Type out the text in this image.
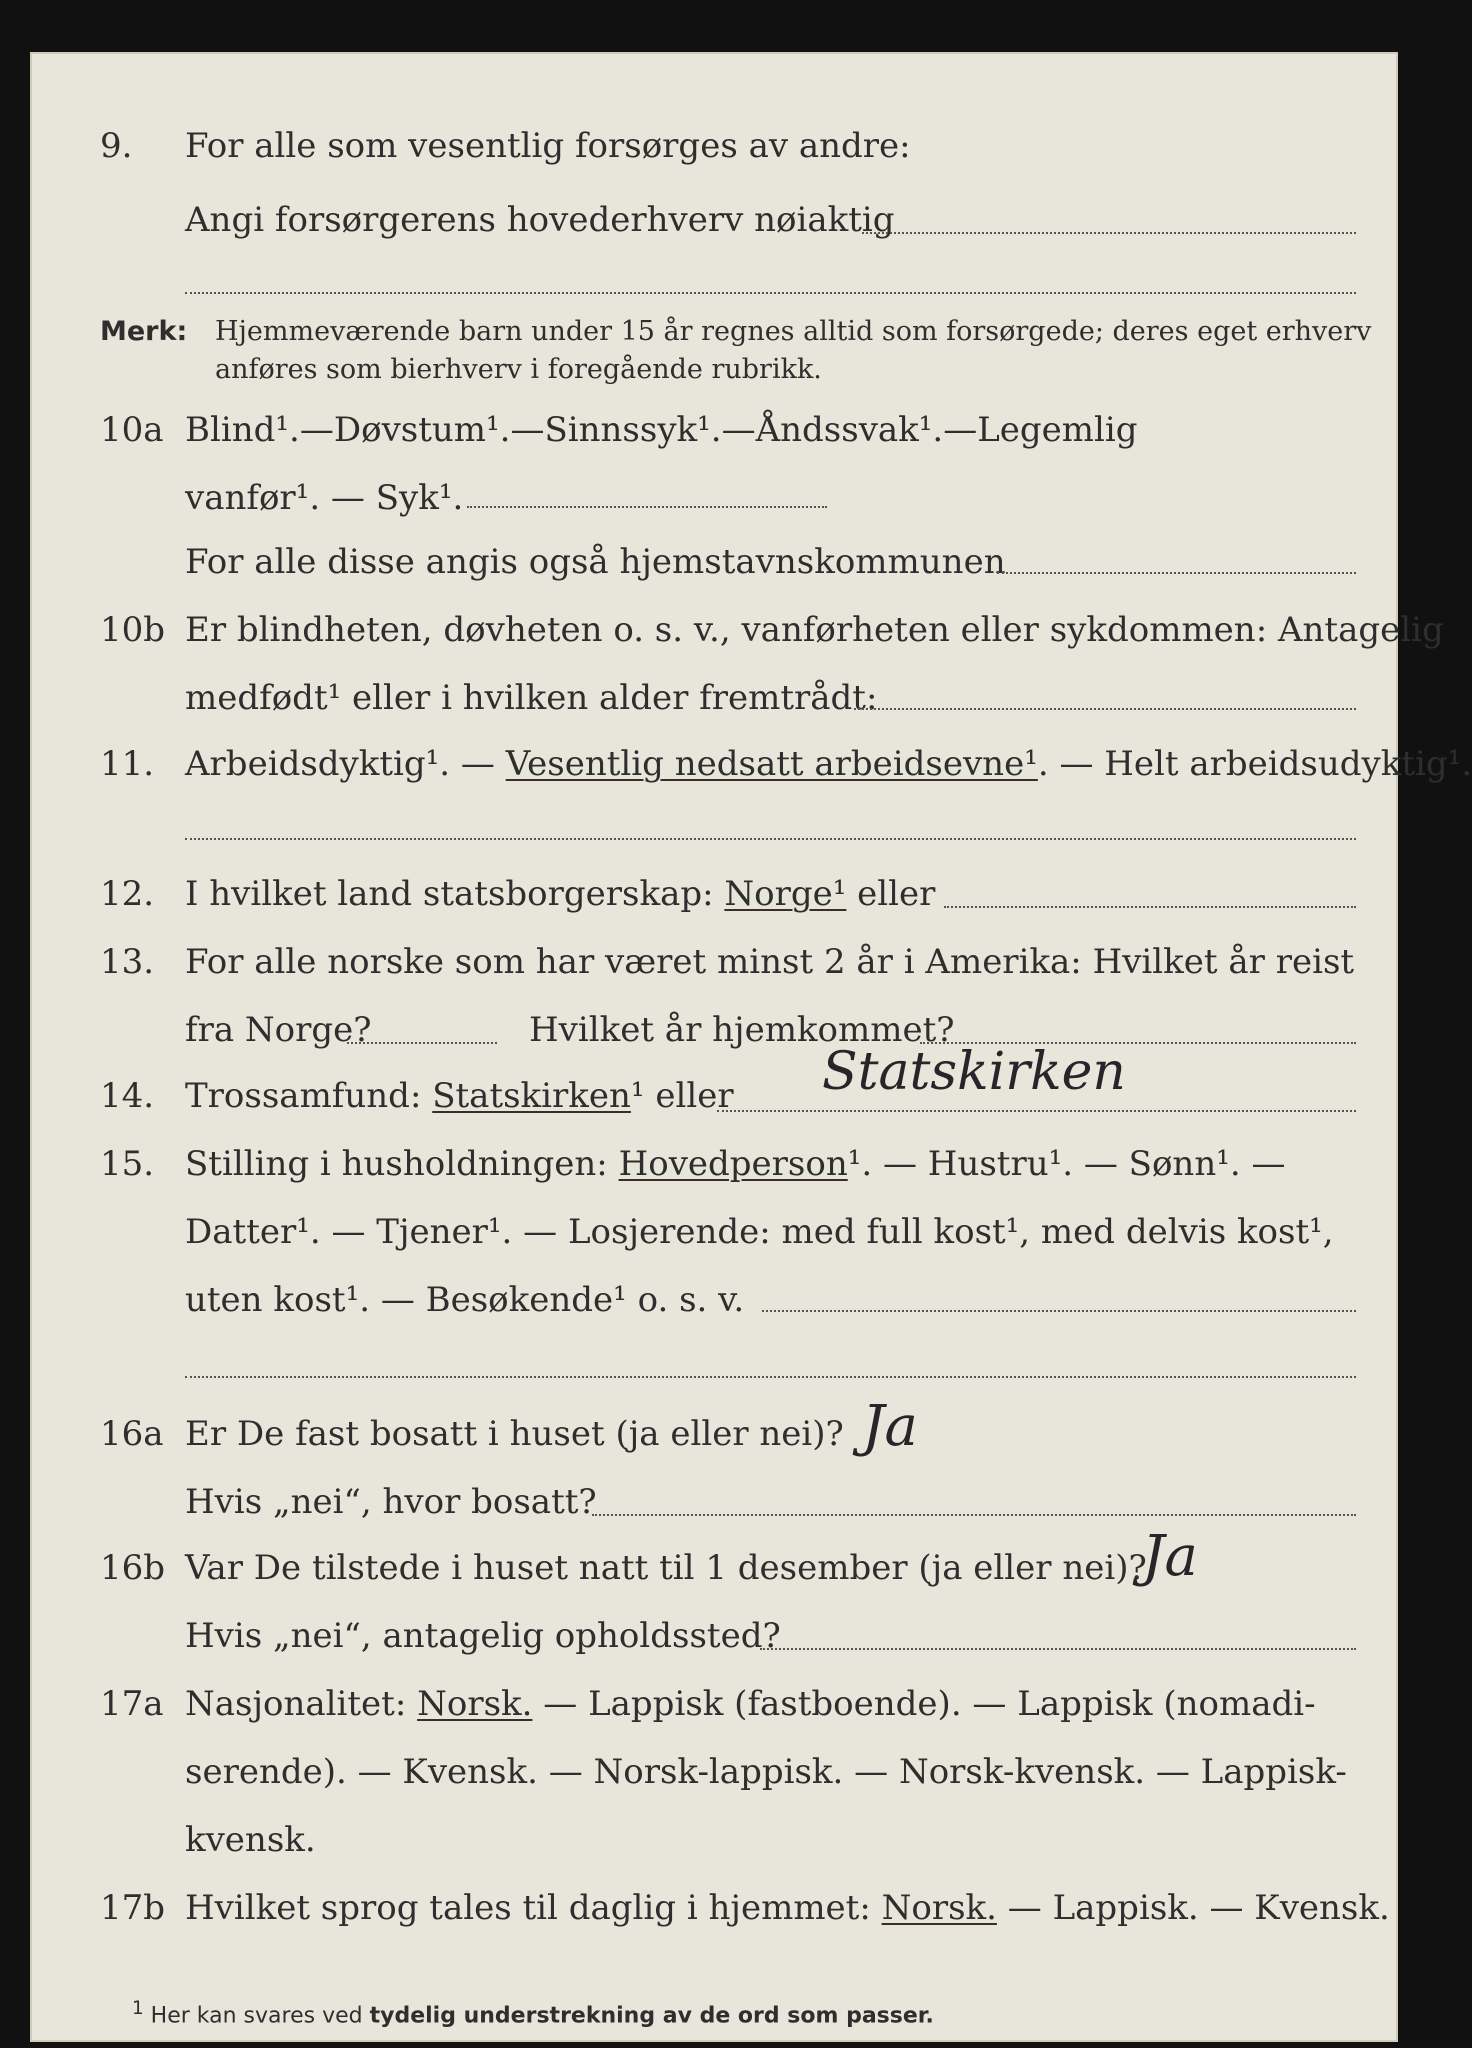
9. For alle som vesentlig forsørges av andre:
Angi forsørgerens hovederhverv nøiaktig
Merk: Hjemmeværende barn under 15 år regnes alltid som forsørgede; deres eget erhverv
anføres som bierhverv i foregående rubrikk.
10a Blind¹. — Døvstum¹. — Sinnssyk¹. — Åndssvak¹. — Legemlig
vanfør¹. — Syk¹.
For alle disse angis også hjemstavnskommunen
10b Er blindheten, døvheten o. s. v., vanførheten eller sykdommen: Antagelig
medfødt¹ eller i hvilken alder fremtrådt:
11. Arbeidsdyktig¹. — Vesentlig nedsatt arbeidsevne¹. — Helt arbeidsudyktig¹.
12. I hvilket land statsborgerskap: Norge¹ eller
13. For alle norske som har været minst 2 år i Amerika: Hvilket år reist
fra Norge?	Hvilket år hjemkommet?
14. Trossamfund: Statskirken¹ eller Statskirken
15. Stilling i husholdningen: Hovedperson¹. — Hustru¹. — Sønn¹. —
Datter¹. — Tjener¹. — Losjerende: med full kost¹, med delvis kost¹,
uten kost¹. — Besøkende¹ o. s. v.
16a Er De fast bosatt i huset (ja eller nei)? Ja
Hvis „nei“, hvor bosatt?
16b Var De tilstede i huset natt til 1 desember (ja eller nei)?
Ja
Hvis „nei“, antagelig opholdssted?
17a Nasjonalitet: Norsk. — Lappisk (fastboende). — Lappisk (nomadi-
serende). — Kvensk. — Norsk-lappisk. — Norsk-kvensk. — Lappisk-
kvensk.
17b Hvilket sprog tales til daglig i hjemmet: Norsk. — Lappisk. — Kvensk.
$^1$ Her kan svares ved tydelig understrekning av de ord som passer.
